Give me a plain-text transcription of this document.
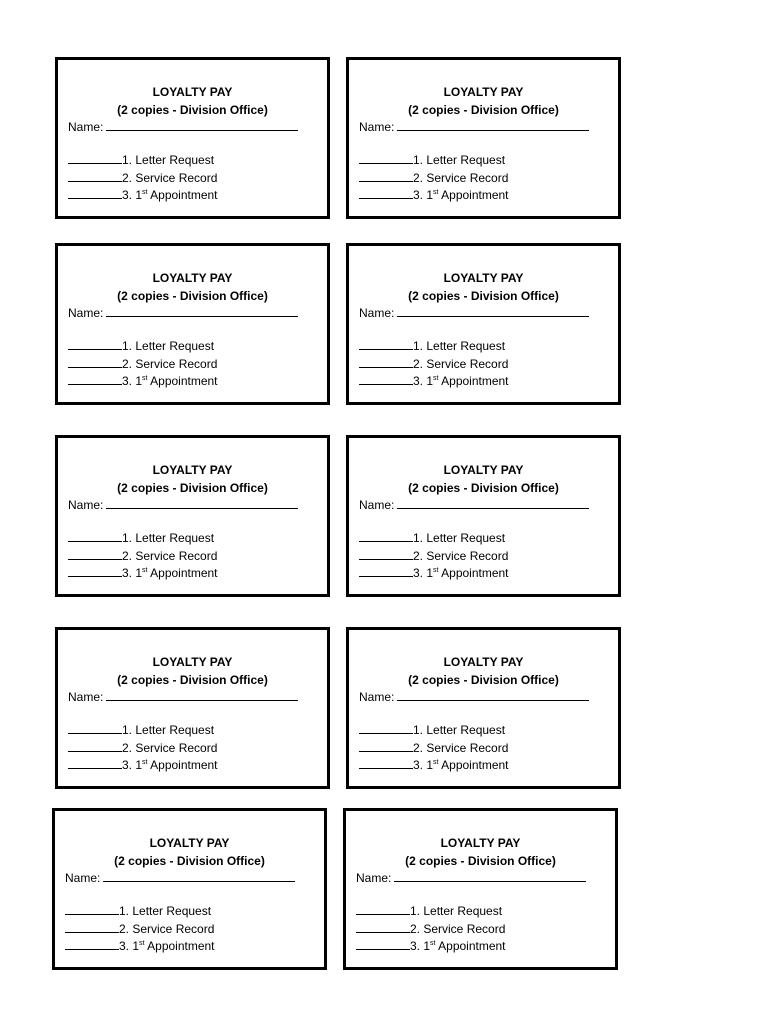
LOYALTY PAY
(2 copies - Division Office)
Name:
1. Letter Request
2. Service Record
3. 1st Appointment
LOYALTY PAY
(2 copies - Division Office)
Name:
1. Letter Request
2. Service Record
3. 1st Appointment
LOYALTY PAY
(2 copies - Division Office)
Name:
1. Letter Request
2. Service Record
3. 1st Appointment
LOYALTY PAY
(2 copies - Division Office)
Name:
1. Letter Request
2. Service Record
3. 1st Appointment
LOYALTY PAY
(2 copies - Division Office)
Name:
1. Letter Request
2. Service Record
3. 1st Appointment
LOYALTY PAY
(2 copies - Division Office)
Name:
1. Letter Request
2. Service Record
3. 1st Appointment
LOYALTY PAY
(2 copies - Division Office)
Name:
1. Letter Request
2. Service Record
3. 1st Appointment
LOYALTY PAY
(2 copies - Division Office)
Name:
1. Letter Request
2. Service Record
3. 1st Appointment
LOYALTY PAY
(2 copies - Division Office)
Name:
1. Letter Request
2. Service Record
3. 1st Appointment
LOYALTY PAY
(2 copies - Division Office)
Name:
1. Letter Request
2. Service Record
3. 1st Appointment
